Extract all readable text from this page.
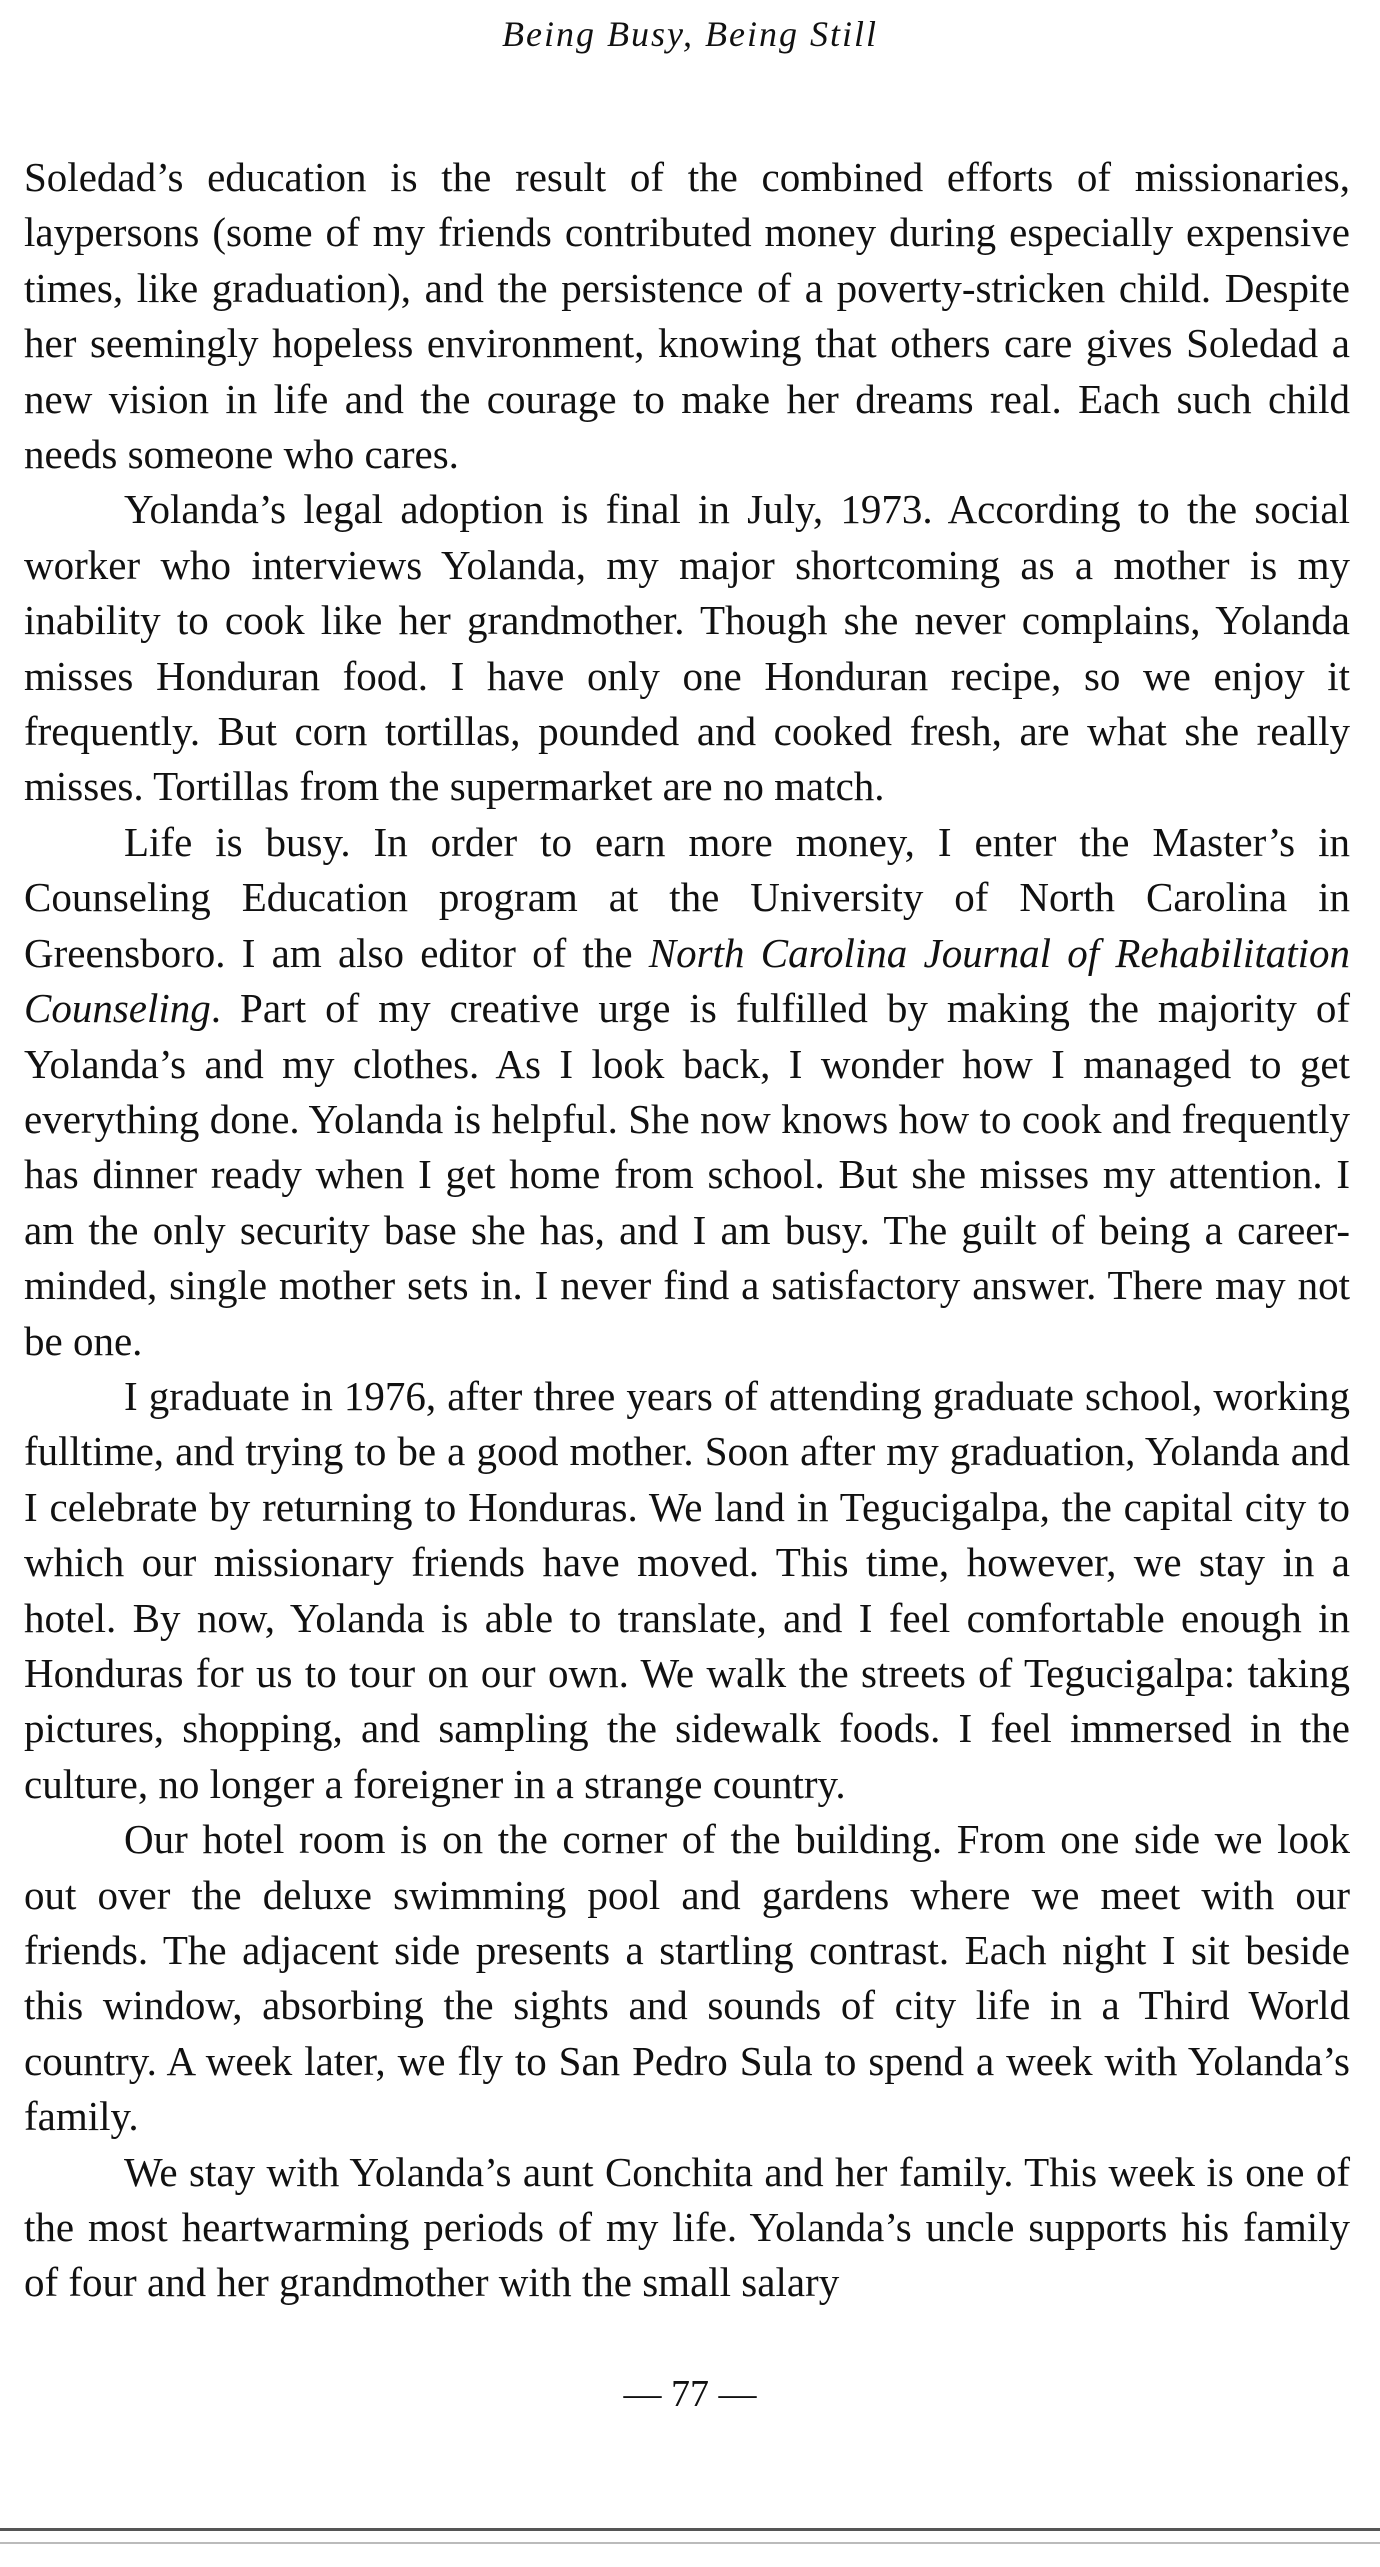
Being Busy, Being Still

Soledad’s education is the result of the combined efforts of missionaries, laypersons (some of my friends contributed money during especially expensive times, like graduation), and the persistence of a poverty-stricken child. Despite her seemingly hopeless environment, knowing that others care gives Soledad a new vision in life and the courage to make her dreams real. Each such child needs someone who cares.

Yolanda’s legal adoption is final in July, 1973. According to the social worker who interviews Yolanda, my major shortcoming as a mother is my inability to cook like her grandmother. Though she never complains, Yolanda misses Honduran food. I have only one Honduran recipe, so we enjoy it frequently. But corn tortillas, pounded and cooked fresh, are what she really misses. Tortillas from the supermarket are no match.

Life is busy. In order to earn more money, I enter the Master’s in Counseling Education program at the University of North Carolina in Greensboro. I am also editor of the North Carolina Journal of Rehabilitation Counseling. Part of my creative urge is fulfilled by making the majority of Yolanda’s and my clothes. As I look back, I wonder how I managed to get everything done. Yolanda is helpful. She now knows how to cook and frequently has dinner ready when I get home from school. But she misses my attention. I am the only security base she has, and I am busy. The guilt of being a career-minded, single mother sets in. I never find a satisfactory answer. There may not be one.

I graduate in 1976, after three years of attending graduate school, working fulltime, and trying to be a good mother. Soon after my graduation, Yolanda and I celebrate by returning to Honduras. We land in Tegucigalpa, the capital city to which our missionary friends have moved. This time, however, we stay in a hotel. By now, Yolanda is able to translate, and I feel comfortable enough in Honduras for us to tour on our own. We walk the streets of Tegucigalpa: taking pictures, shopping, and sampling the sidewalk foods. I feel immersed in the culture, no longer a foreigner in a strange country.

Our hotel room is on the corner of the building. From one side we look out over the deluxe swimming pool and gardens where we meet with our friends. The adjacent side presents a startling contrast. Each night I sit beside this window, absorbing the sights and sounds of city life in a Third World country. A week later, we fly to San Pedro Sula to spend a week with Yolanda’s family.

We stay with Yolanda’s aunt Conchita and her family. This week is one of the most heartwarming periods of my life. Yolanda’s uncle supports his family of four and her grandmother with the small salary

— 77 —
